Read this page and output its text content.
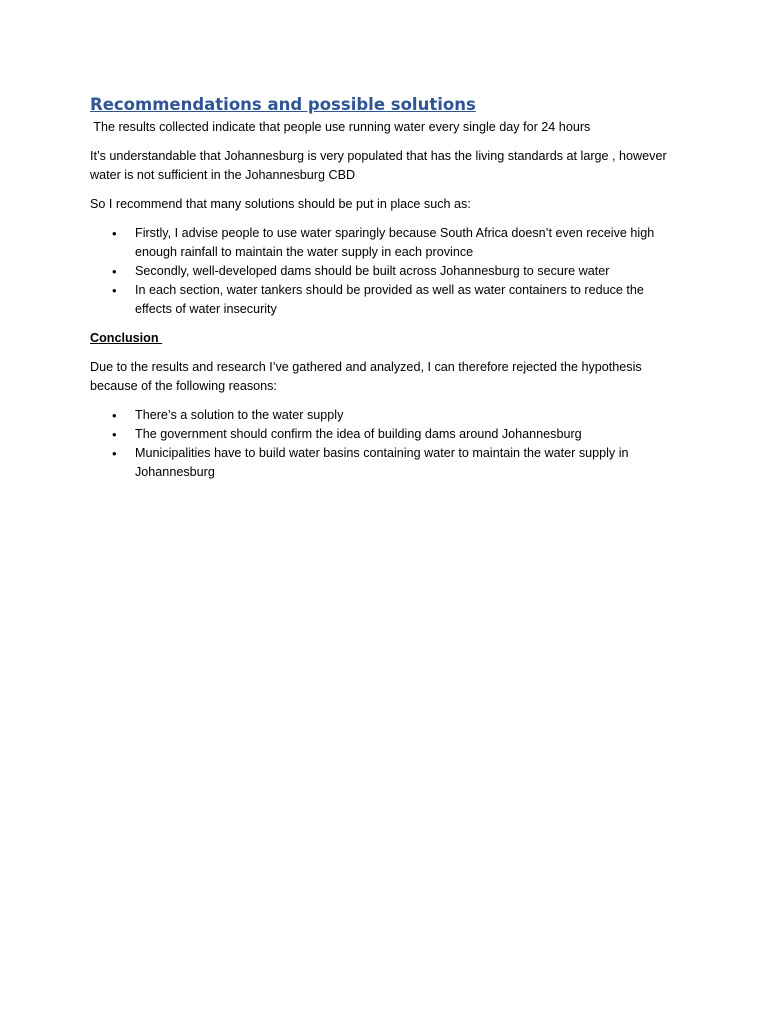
Recommendations and possible solutions

The results collected indicate that people use running water every single day for 24 hours

It’s understandable that Johannesburg is very populated that has the living standards at large , however water is not sufficient in the Johannesburg CBD

So I recommend that many solutions should be put in place such as:

• Firstly, I advise people to use water sparingly because South Africa doesn’t even receive high enough rainfall to maintain the water supply in each province
• Secondly, well-developed dams should be built across Johannesburg to secure water
• In each section, water tankers should be provided as well as water containers to reduce the effects of water insecurity

Conclusion

Due to the results and research I’ve gathered and analyzed, I can therefore rejected the hypothesis because of the following reasons:

• There’s a solution to the water supply
• The government should confirm the idea of building dams around Johannesburg
• Municipalities have to build water basins containing water to maintain the water supply in Johannesburg
